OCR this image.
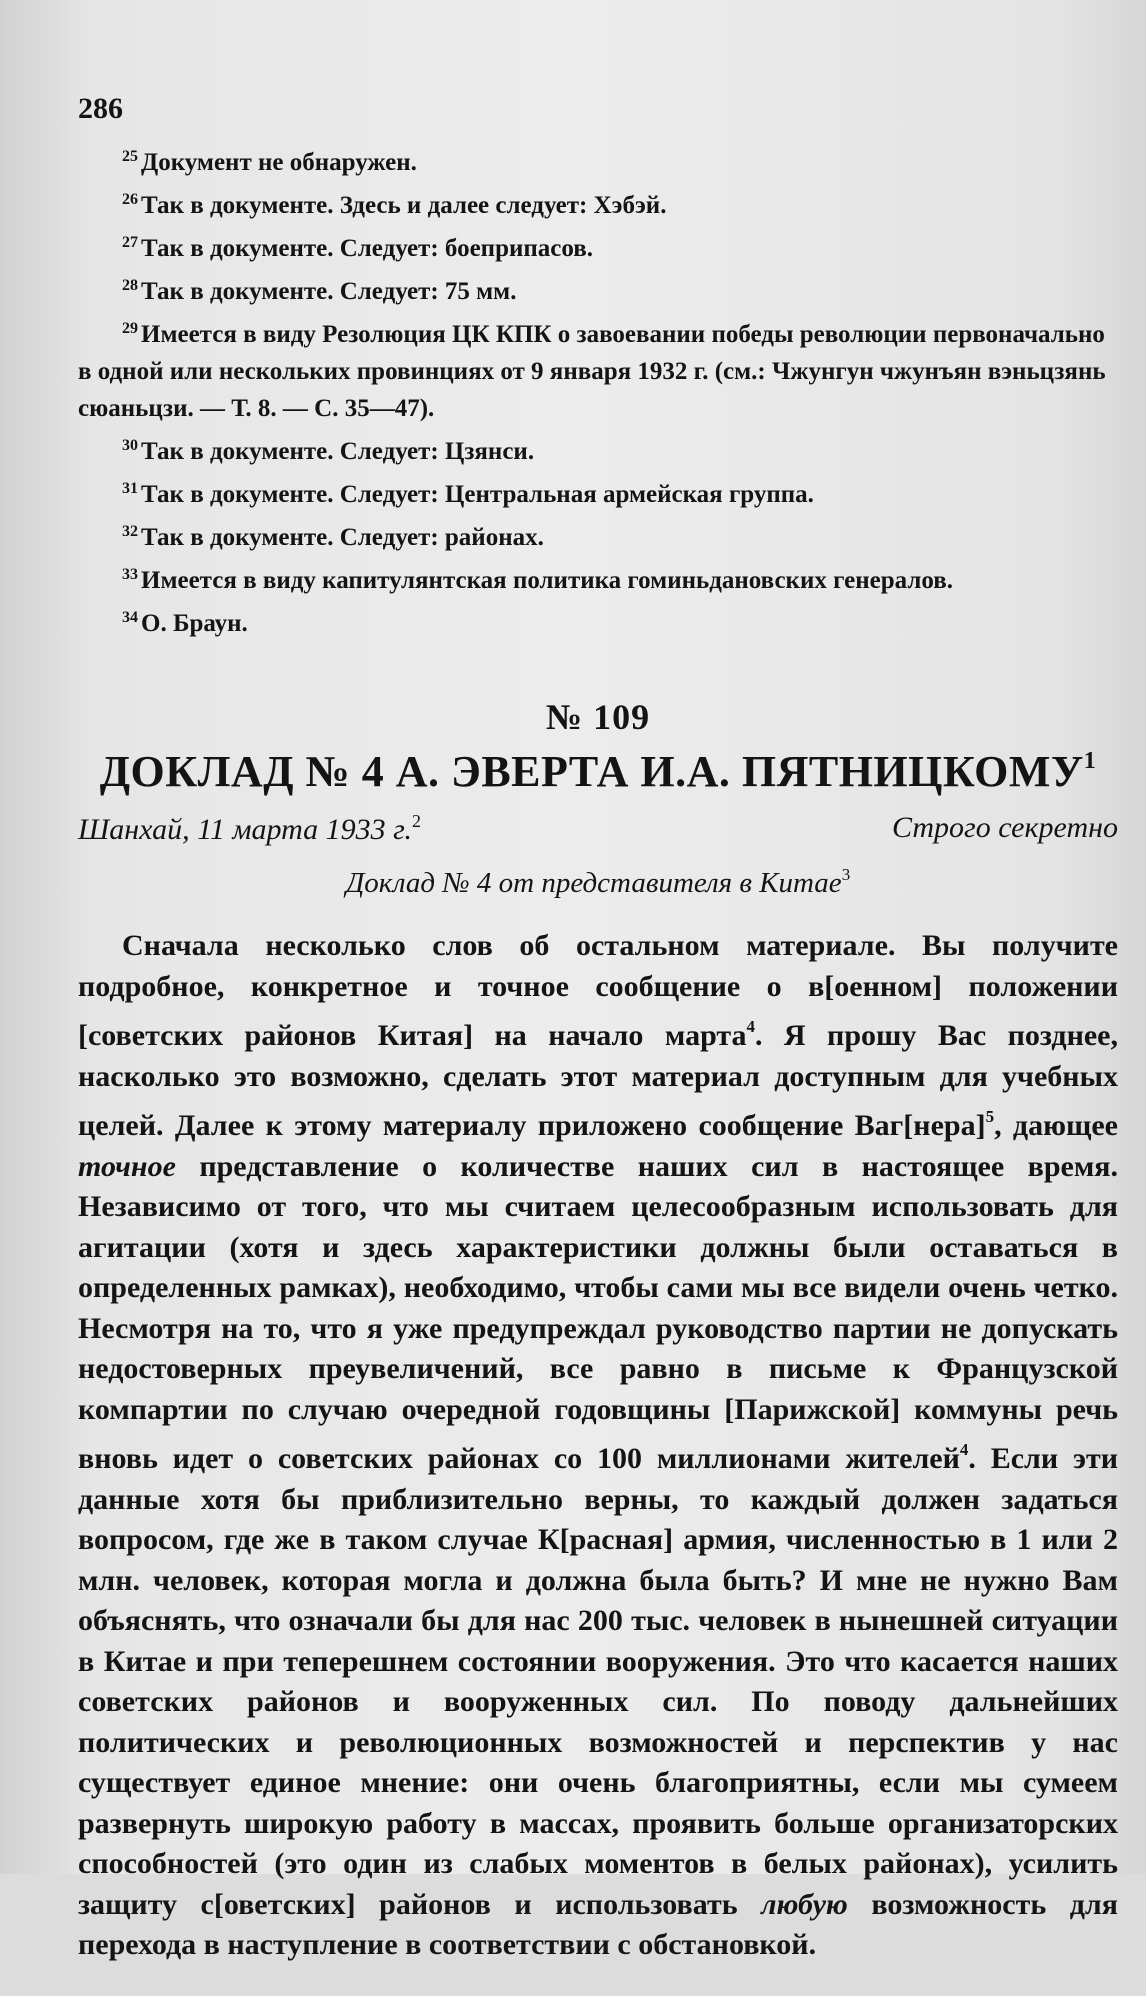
286

$^{25}$ Документ не обнаружен.

$^{26}$ Так в документе. Здесь и далее следует: Хэбэй.

$^{27}$ Так в документе. Следует: боеприпасов.

$^{28}$ Так в документе. Следует: 75 мм.

$^{29}$ Имеется в виду Резолюция ЦК КПК о завоевании победы революции первоначально в одной или нескольких провинциях от 9 января 1932 г. (см.: Чжунгун чжунъян вэньцзянь сюаньцзи. — Т. 8. — С. 35—47).

$^{30}$ Так в документе. Следует: Цзянси.

$^{31}$ Так в документе. Следует: Центральная армейская группа.

$^{32}$ Так в документе. Следует: районах.

$^{33}$ Имеется в виду капитулянтская политика гоминьдановских генералов.

$^{34}$ О. Браун.

№ 109
ДОКЛАД № 4 А. ЭВЕРТА И.А. ПЯТНИЦКОМУ$^1$
Шанхай, 11 марта 1933 г.$^2$	Строго секретно
Доклад № 4 от представителя в Китае$^3$

Сначала несколько слов об остальном материале. Вы получите подробное, конкретное и точное сообщение о в[оенном] положении [советских районов Китая] на начало марта$^4$. Я прошу Вас позднее, насколько это возможно, сделать этот материал доступным для учебных целей. Далее к этому материалу приложено сообщение Ваг[нера]$^5$, дающее точное представление о количестве наших сил в настоящее время. Независимо от того, что мы считаем целесообразным использовать для агитации (хотя и здесь характеристики должны были оставаться в определенных рамках), необходимо, чтобы сами мы все видели очень четко. Несмотря на то, что я уже предупреждал руководство партии не допускать недостоверных преувеличений, все равно в письме к Французской компартии по случаю очередной годовщины [Парижской] коммуны речь вновь идет о советских районах со 100 миллионами жителей$^4$. Если эти данные хотя бы приблизительно верны, то каждый должен задаться вопросом, где же в таком случае К[расная] армия, численностью в 1 или 2 млн. человек, которая могла и должна была быть? И мне не нужно Вам объяснять, что означали бы для нас 200 тыс. человек в нынешней ситуации в Китае и при теперешнем состоянии вооружения. Это что касается наших советских районов и вооруженных сил. По поводу дальнейших политических и революционных возможностей и перспектив у нас существует единое мнение: они очень благоприятны, если мы сумеем развернуть широкую работу в массах, проявить больше организаторских способностей (это один из слабых моментов в белых районах), усилить защиту с[оветских] районов и использовать любую возможность для перехода в наступление в соответствии с обстановкой.
